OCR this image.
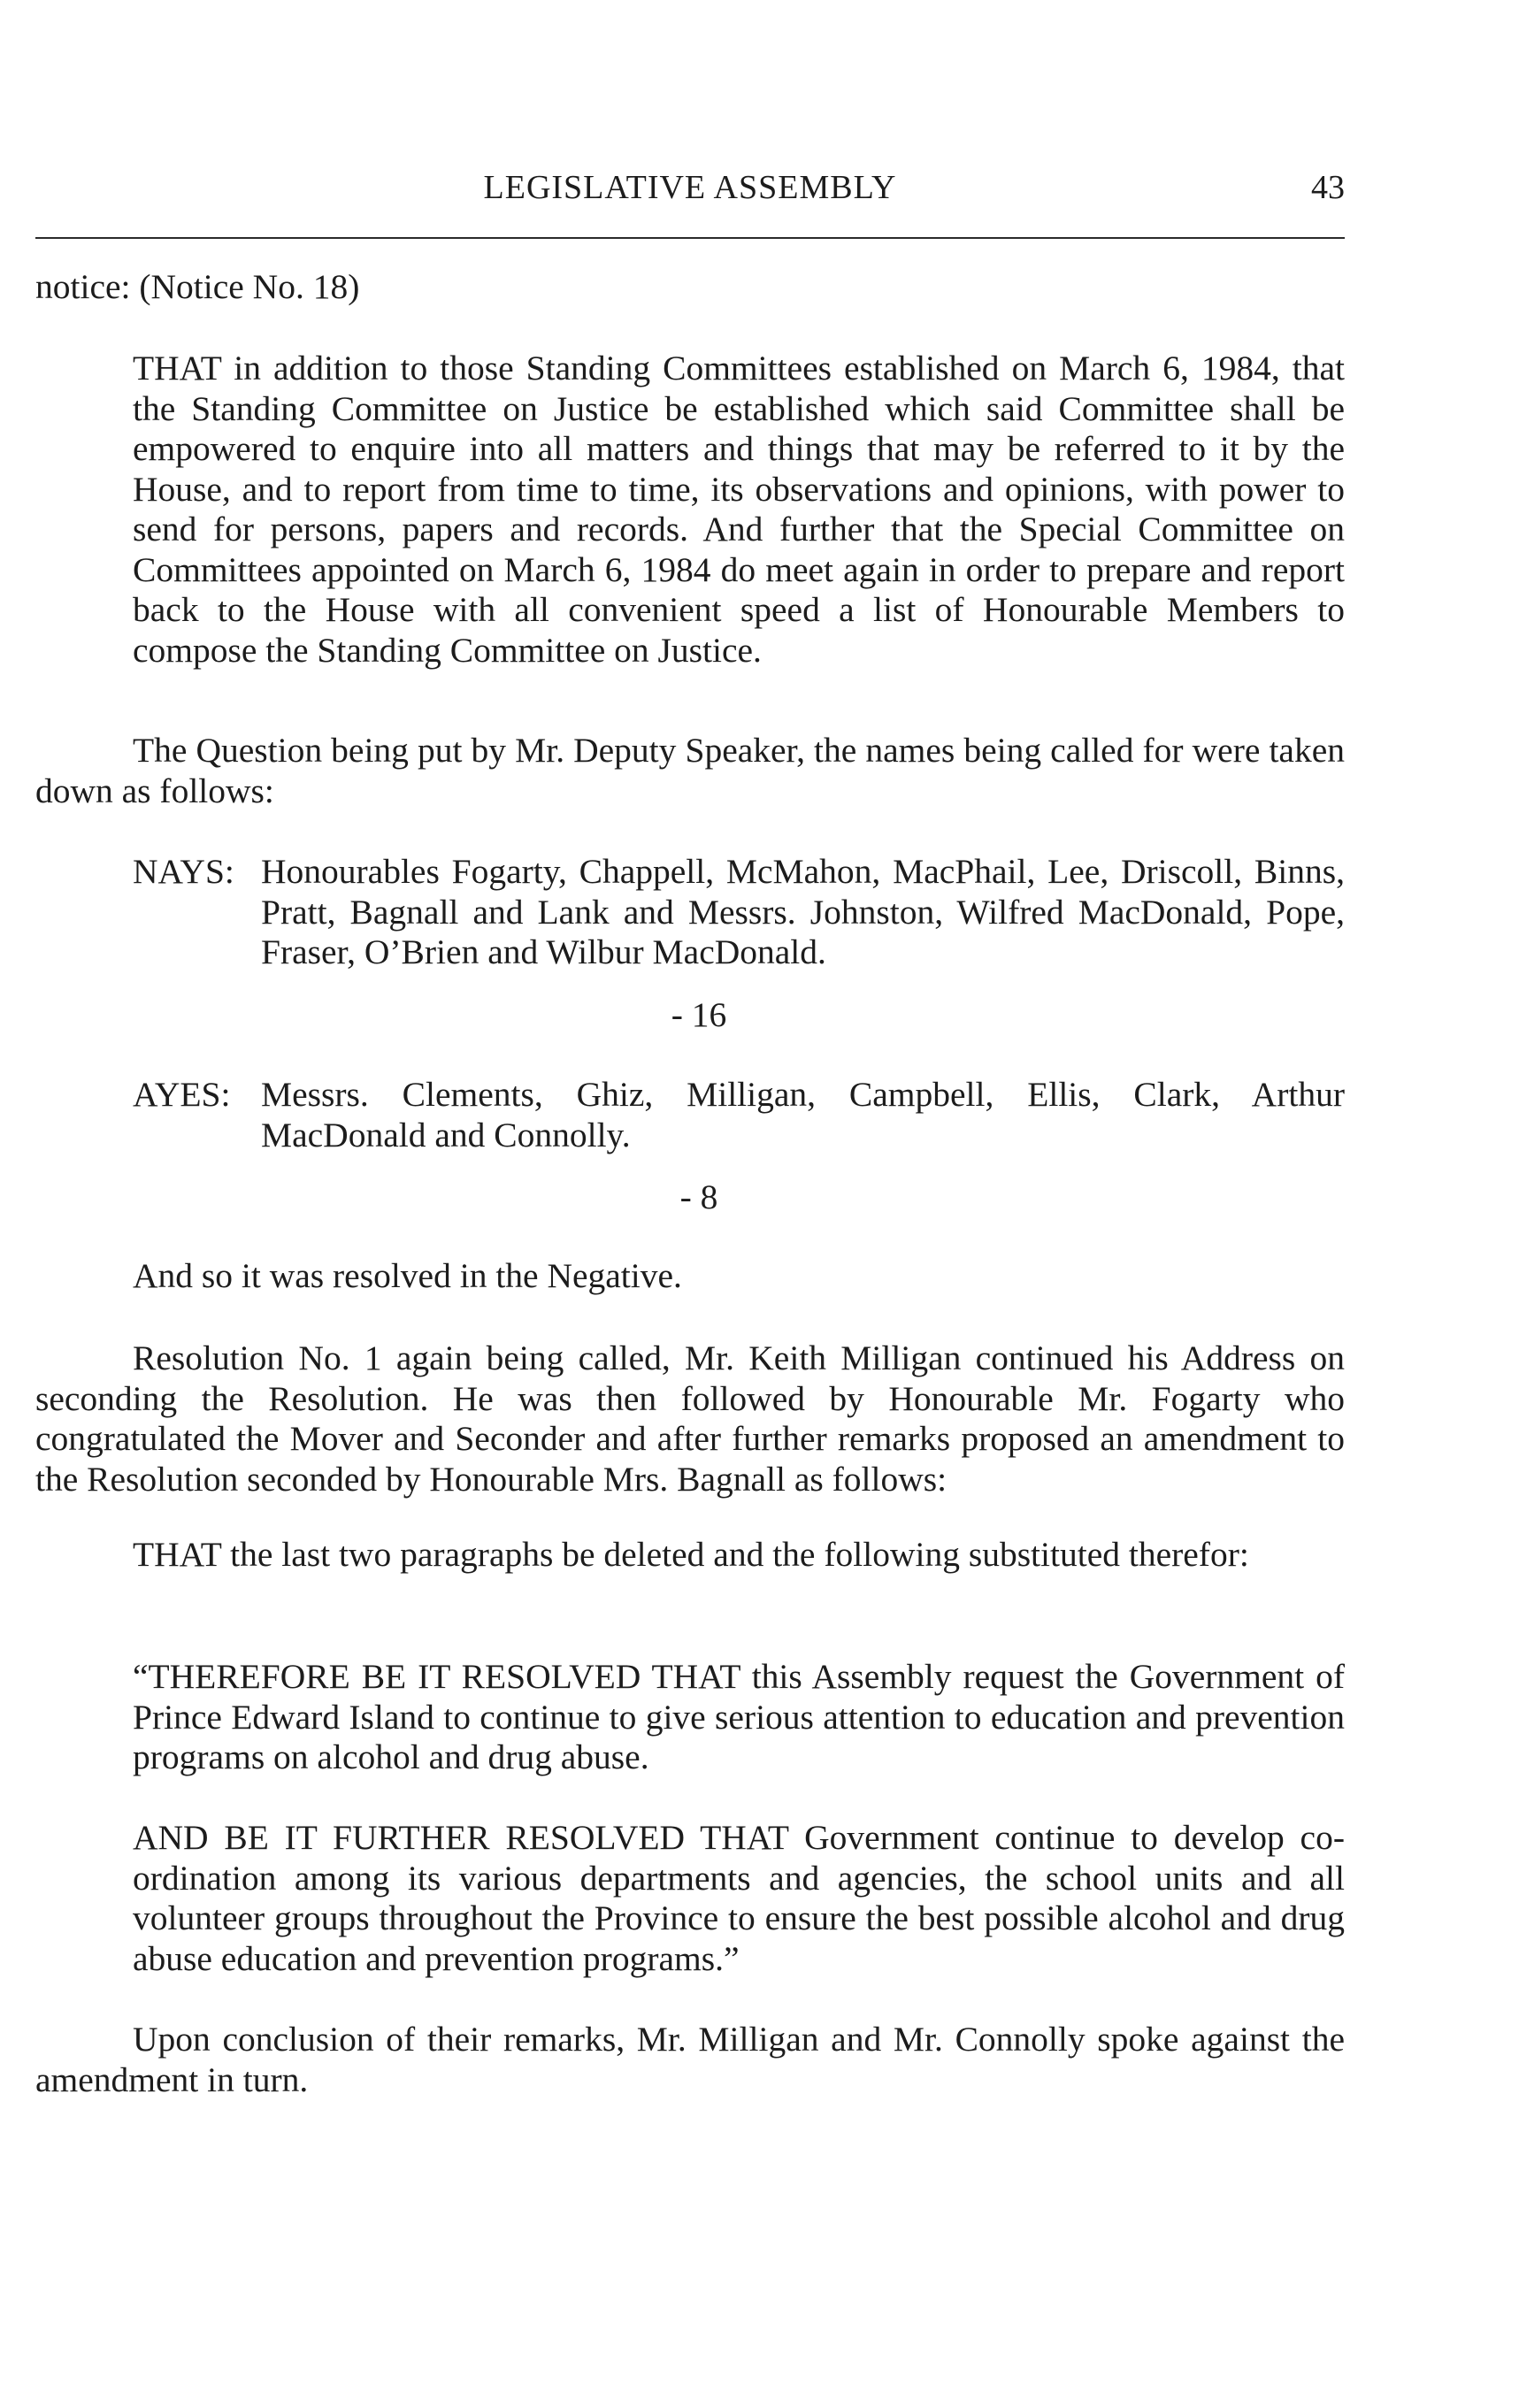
LEGISLATIVE ASSEMBLY	43

notice: (Notice No. 18)

THAT in addition to those Standing Committees established on March 6, 1984, that the Standing Committee on Justice be established which said Committee shall be empowered to enquire into all matters and things that may be referred to it by the House, and to report from time to time, its observations and opinions, with power to send for persons, papers and records. And further that the Special Committee on Committees appointed on March 6, 1984 do meet again in order to prepare and report back to the House with all convenient speed a list of Honourable Members to compose the Standing Committee on Justice.

The Question being put by Mr. Deputy Speaker, the names being called for were taken down as follows:

NAYS: Honourables Fogarty, Chappell, McMahon, MacPhail, Lee, Driscoll, Binns, Pratt, Bagnall and Lank and Messrs. Johnston, Wilfred MacDonald, Pope, Fraser, O’Brien and Wilbur MacDonald.

- 16
AYES: Messrs. Clements, Ghiz, Milligan, Campbell, Ellis, Clark, Arthur MacDonald and Connolly.

- 8

And so it was resolved in the Negative.

Resolution No. 1 again being called, Mr. Keith Milligan continued his Address on seconding the Resolution. He was then followed by Honourable Mr. Fogarty who congratulated the Mover and Seconder and after further remarks proposed an amendment to the Resolution seconded by Honourable Mrs. Bagnall as follows:

THAT the last two paragraphs be deleted and the following substituted therefor:

“THEREFORE BE IT RESOLVED THAT this Assembly request the Government of Prince Edward Island to continue to give serious attention to education and prevention programs on alcohol and drug abuse.

AND BE IT FURTHER RESOLVED THAT Government continue to develop co-ordination among its various departments and agencies, the school units and all volunteer groups throughout the Province to ensure the best possible alcohol and drug abuse education and prevention programs.”

Upon conclusion of their remarks, Mr. Milligan and Mr. Connolly spoke against the amendment in turn.
